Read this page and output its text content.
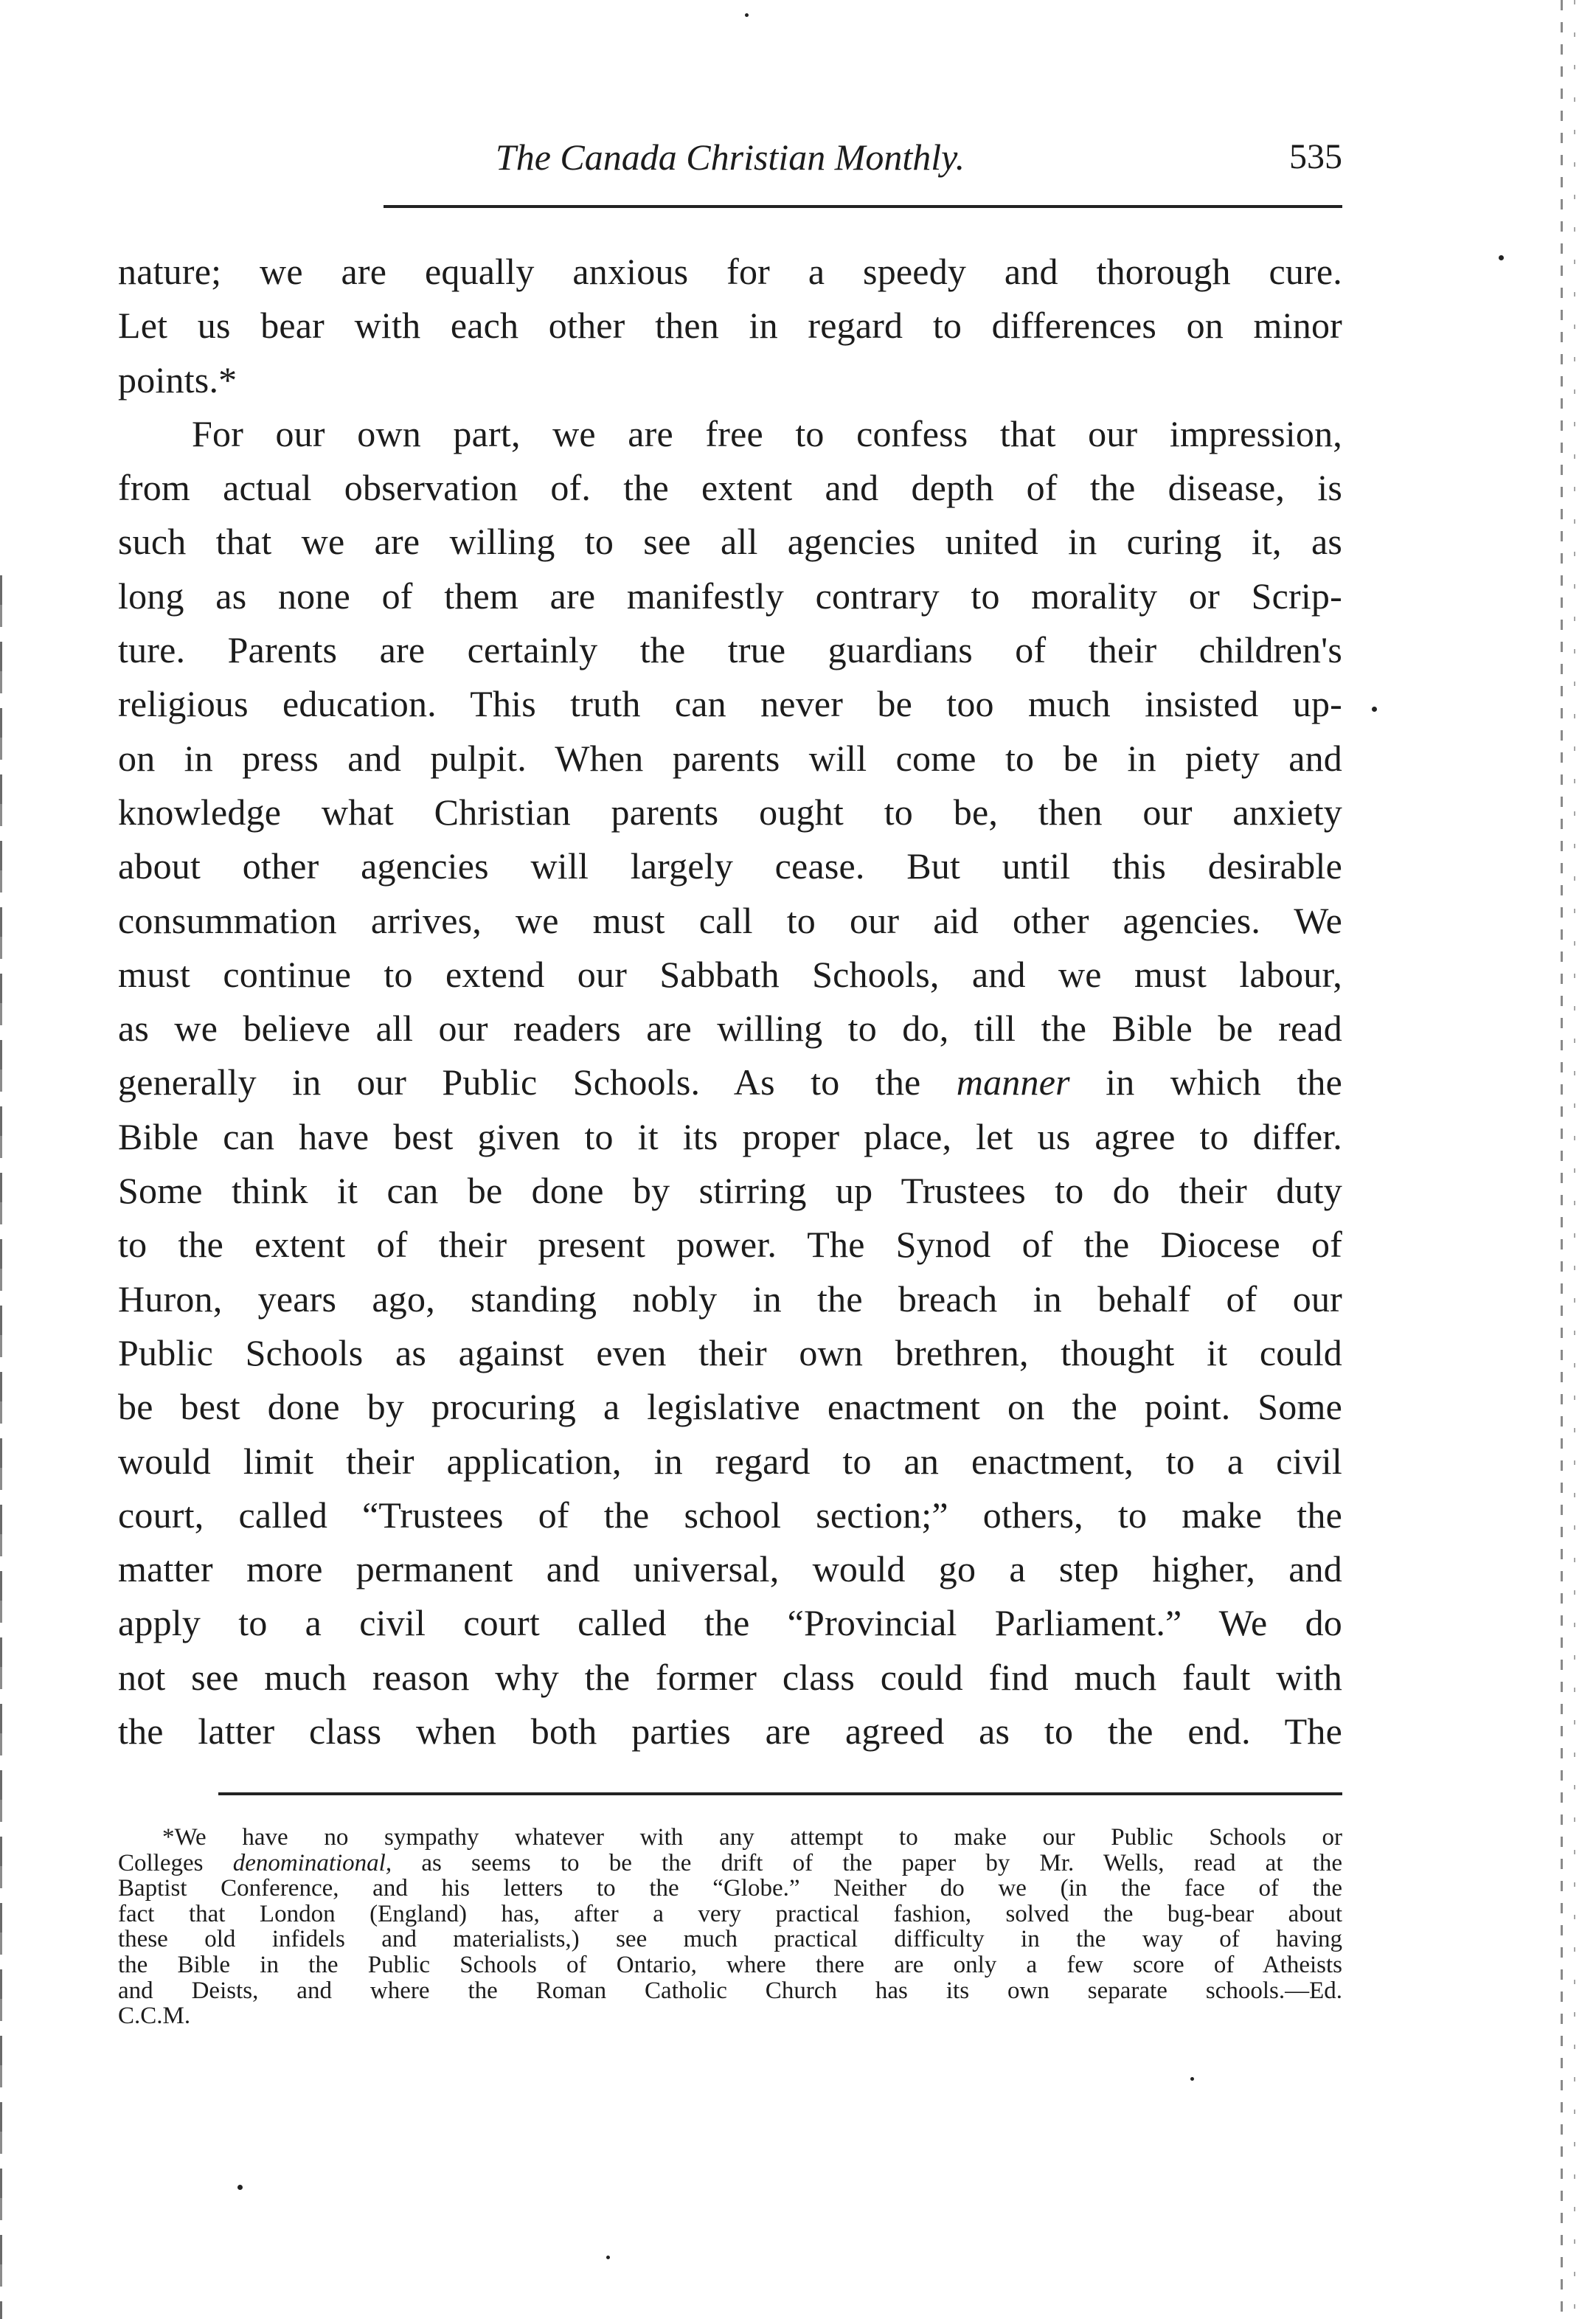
The Canada Christian Monthly.	535
nature; we are equally anxious for a speedy and thorough cure.
Let us bear with each other then in regard to differences on minor
points.*
For our own part, we are free to confess that our impression,
from actual observation of. the extent and depth of the disease, is
such that we are willing to see all agencies united in curing it, as
long as none of them are manifestly contrary to morality or Scrip-
ture. Parents are certainly the true guardians of their children's
religious education. This truth can never be too much insisted up-
on in press and pulpit. When parents will come to be in piety and
knowledge what Christian parents ought to be, then our anxiety
about other agencies will largely cease. But until this desirable
consummation arrives, we must call to our aid other agencies. We
must continue to extend our Sabbath Schools, and we must labour,
as we believe all our readers are willing to do, till the Bible be read
generally in our Public Schools. As to the manner in which the
Bible can have best given to it its proper place, let us agree to differ.
Some think it can be done by stirring up Trustees to do their duty
to the extent of their present power. The Synod of the Diocese of
Huron, years ago, standing nobly in the breach in behalf of our
Public Schools as against even their own brethren, thought it could
be best done by procuring a legislative enactment on the point. Some
would limit their application, in regard to an enactment, to a civil
court, called “Trustees of the school section;” others, to make the
matter more permanent and universal, would go a step higher, and
apply to a civil court called the “Provincial Parliament.” We do
not see much reason why the former class could find much fault with
the latter class when both parties are agreed as to the end. The
*We have no sympathy whatever with any attempt to make our Public Schools or
Colleges denominational, as seems to be the drift of the paper by Mr. Wells, read at the
Baptist Conference, and his letters to the “Globe.” Neither do we (in the face of the
fact that London (England) has, after a very practical fashion, solved the bug-bear about
these old infidels and materialists,) see much practical difficulty in the way of having
the Bible in the Public Schools of Ontario, where there are only a few score of Atheists
and Deists, and where the Roman Catholic Church has its own separate schools.—Ed.
C.C.M.
